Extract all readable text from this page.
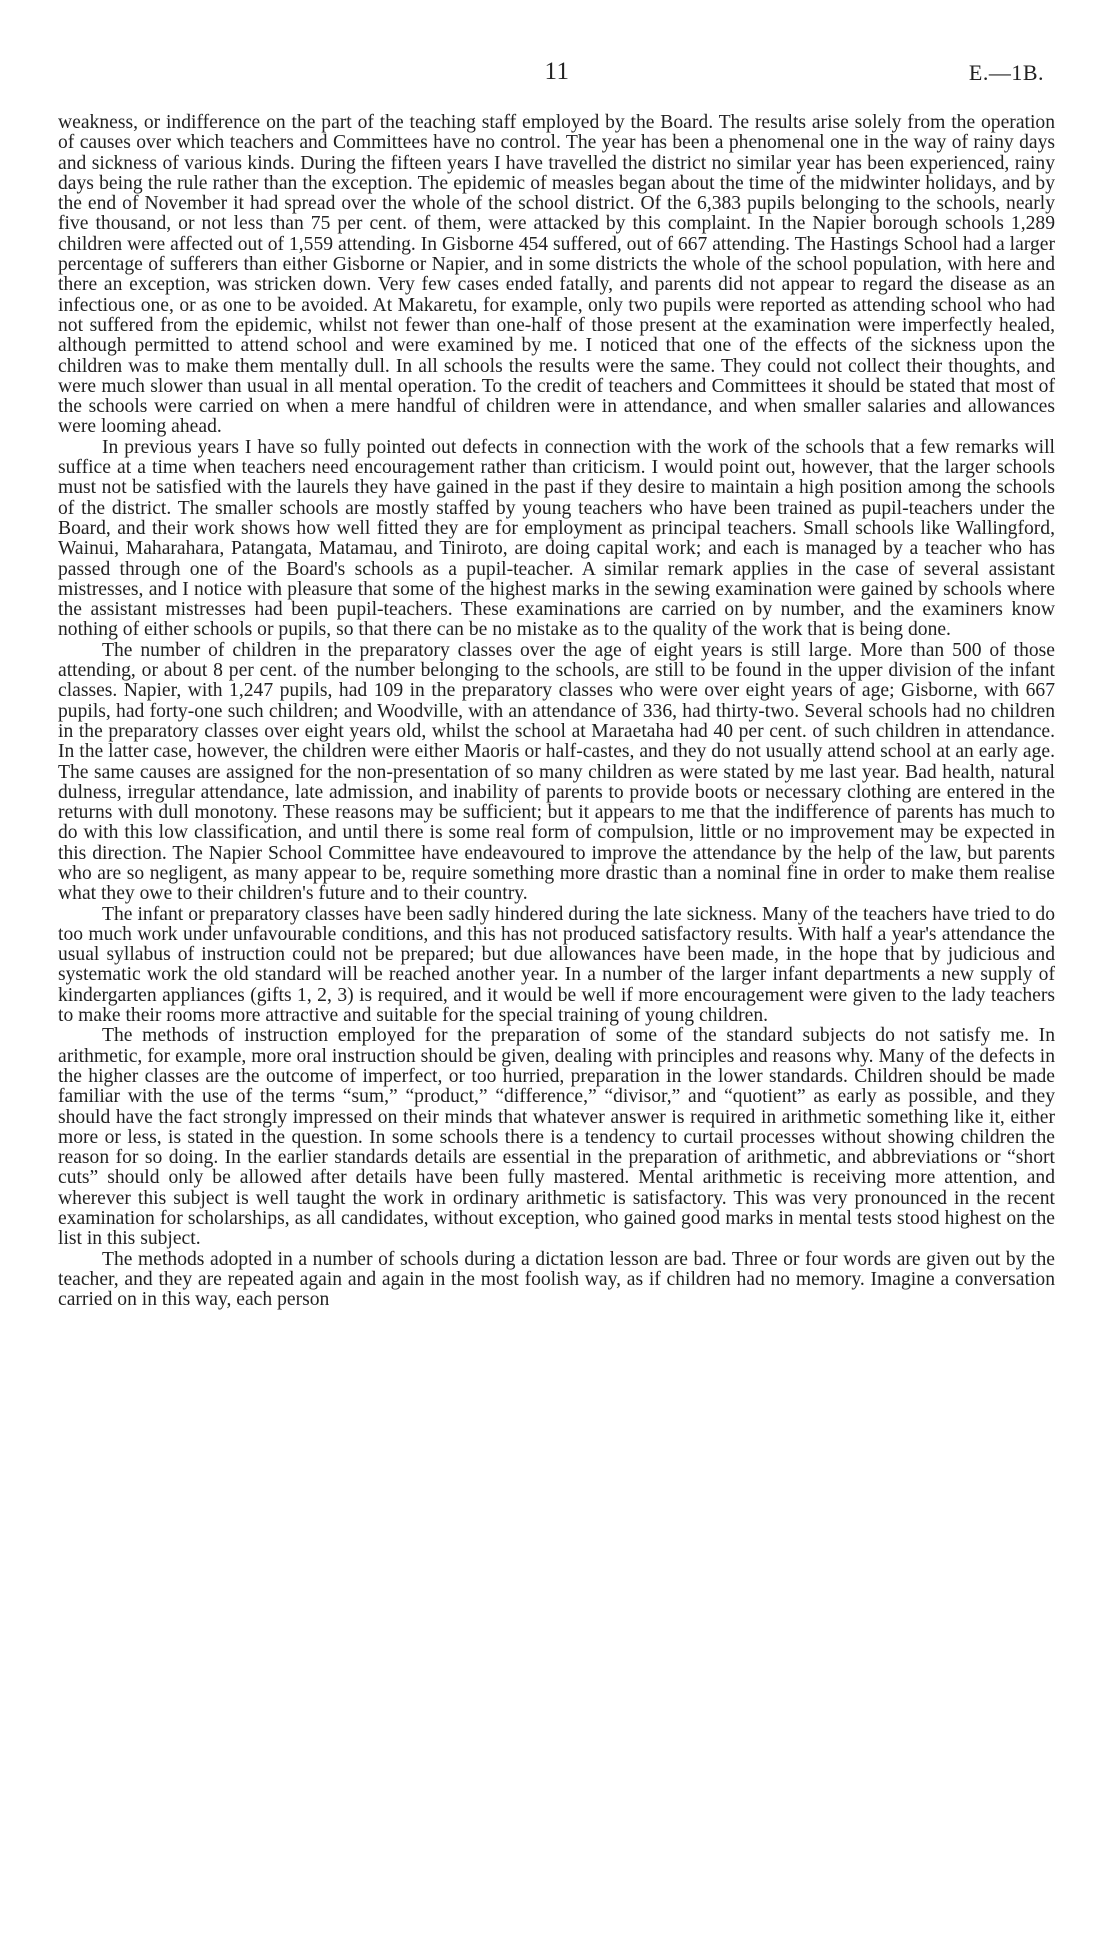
11	E.—1B.

weakness, or indifference on the part of the teaching staff employed by the Board. The results arise solely from the operation of causes over which teachers and Committees have no control. The year has been a phenomenal one in the way of rainy days and sickness of various kinds. During the fifteen years I have travelled the district no similar year has been experienced, rainy days being the rule rather than the exception. The epidemic of measles began about the time of the midwinter holidays, and by the end of November it had spread over the whole of the school district. Of the 6,383 pupils belonging to the schools, nearly five thousand, or not less than 75 per cent. of them, were attacked by this complaint. In the Napier borough schools 1,289 children were affected out of 1,559 attending. In Gisborne 454 suffered, out of 667 attending. The Hastings School had a larger percentage of sufferers than either Gisborne or Napier, and in some districts the whole of the school population, with here and there an exception, was stricken down. Very few cases ended fatally, and parents did not appear to regard the disease as an infectious one, or as one to be avoided. At Makaretu, for example, only two pupils were reported as attending school who had not suffered from the epidemic, whilst not fewer than one-half of those present at the examination were imperfectly healed, although permitted to attend school and were examined by me. I noticed that one of the effects of the sickness upon the children was to make them mentally dull. In all schools the results were the same. They could not collect their thoughts, and were much slower than usual in all mental operation. To the credit of teachers and Committees it should be stated that most of the schools were carried on when a mere handful of children were in attendance, and when smaller salaries and allowances were looming ahead.

In previous years I have so fully pointed out defects in connection with the work of the schools that a few remarks will suffice at a time when teachers need encouragement rather than criticism. I would point out, however, that the larger schools must not be satisfied with the laurels they have gained in the past if they desire to maintain a high position among the schools of the district. The smaller schools are mostly staffed by young teachers who have been trained as pupil-teachers under the Board, and their work shows how well fitted they are for employment as principal teachers. Small schools like Wallingford, Wainui, Maharahara, Patangata, Matamau, and Tiniroto, are doing capital work; and each is managed by a teacher who has passed through one of the Board's schools as a pupil-teacher. A similar remark applies in the case of several assistant mistresses, and I notice with pleasure that some of the highest marks in the sewing examination were gained by schools where the assistant mistresses had been pupil-teachers. These examinations are carried on by number, and the examiners know nothing of either schools or pupils, so that there can be no mistake as to the quality of the work that is being done.

The number of children in the preparatory classes over the age of eight years is still large. More than 500 of those attending, or about 8 per cent. of the number belonging to the schools, are still to be found in the upper division of the infant classes. Napier, with 1,247 pupils, had 109 in the preparatory classes who were over eight years of age; Gisborne, with 667 pupils, had forty-one such children; and Woodville, with an attendance of 336, had thirty-two. Several schools had no children in the preparatory classes over eight years old, whilst the school at Maraetaha had 40 per cent. of such children in attendance. In the latter case, however, the children were either Maoris or half-castes, and they do not usually attend school at an early age. The same causes are assigned for the non-presentation of so many children as were stated by me last year. Bad health, natural dulness, irregular attendance, late admission, and inability of parents to provide boots or necessary clothing are entered in the returns with dull monotony. These reasons may be sufficient; but it appears to me that the indifference of parents has much to do with this low classification, and until there is some real form of compulsion, little or no improvement may be expected in this direction. The Napier School Committee have endeavoured to improve the attendance by the help of the law, but parents who are so negligent, as many appear to be, require something more drastic than a nominal fine in order to make them realise what they owe to their children's future and to their country.

The infant or preparatory classes have been sadly hindered during the late sickness. Many of the teachers have tried to do too much work under unfavourable conditions, and this has not produced satisfactory results. With half a year's attendance the usual syllabus of instruction could not be prepared; but due allowances have been made, in the hope that by judicious and systematic work the old standard will be reached another year. In a number of the larger infant departments a new supply of kindergarten appliances (gifts 1, 2, 3) is required, and it would be well if more encouragement were given to the lady teachers to make their rooms more attractive and suitable for the special training of young children.

The methods of instruction employed for the preparation of some of the standard subjects do not satisfy me. In arithmetic, for example, more oral instruction should be given, dealing with principles and reasons why. Many of the defects in the higher classes are the outcome of imperfect, or too hurried, preparation in the lower standards. Children should be made familiar with the use of the terms “sum,” “product,” “difference,” “divisor,” and “quotient” as early as possible, and they should have the fact strongly impressed on their minds that whatever answer is required in arithmetic something like it, either more or less, is stated in the question. In some schools there is a tendency to curtail processes without showing children the reason for so doing. In the earlier standards details are essential in the preparation of arithmetic, and abbreviations or “short cuts” should only be allowed after details have been fully mastered. Mental arithmetic is receiving more attention, and wherever this subject is well taught the work in ordinary arithmetic is satisfactory. This was very pronounced in the recent examination for scholarships, as all candidates, without exception, who gained good marks in mental tests stood highest on the list in this subject.

The methods adopted in a number of schools during a dictation lesson are bad. Three or four words are given out by the teacher, and they are repeated again and again in the most foolish way, as if children had no memory. Imagine a conversation carried on in this way, each person
